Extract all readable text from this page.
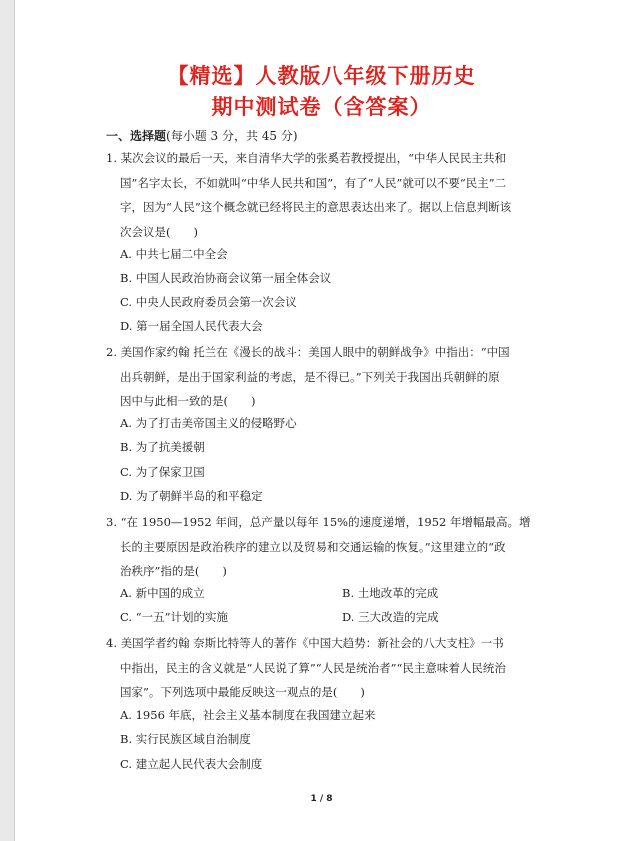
【精选】人教版八年级下册历史
期中测试卷（含答案）
一、选择题(每小题 3 分，共 45 分)
1. 某次会议的最后一天，来自清华大学的张奚若教授提出，“中华人民民主共和
国”名字太长，不如就叫“中华人民共和国”，有了“人民”就可以不要“民主”二
字，因为“人民”这个概念就已经将民主的意思表达出来了。据以上信息判断该
次会议是(　　)
A. 中共七届二中全会
B. 中国人民政治协商会议第一届全体会议
C. 中央人民政府委员会第一次会议
D. 第一届全国人民代表大会
2. 美国作家约翰 托兰在《漫长的战斗：美国人眼中的朝鲜战争》中指出：“中国
出兵朝鲜，是出于国家利益的考虑，是不得已。”下列关于我国出兵朝鲜的原
因中与此相一致的是(　　)
A. 为了打击美帝国主义的侵略野心
B. 为了抗美援朝
C. 为了保家卫国
D. 为了朝鲜半岛的和平稳定
3. “在 1950—1952 年间，总产量以每年 15%的速度递增，1952 年增幅最高。增
长的主要原因是政治秩序的建立以及贸易和交通运输的恢复。”这里建立的“政
治秩序”指的是(　　)
A. 新中国的成立	B. 土地改革的完成
C. “一五”计划的实施	D. 三大改造的完成
4. 美国学者约翰 奈斯比特等人的著作《中国大趋势：新社会的八大支柱》一书
中指出，民主的含义就是“人民说了算”“人民是统治者”“民主意味着人民统治
国家”。下列选项中最能反映这一观点的是(　　)
A. 1956 年底，社会主义基本制度在我国建立起来
B. 实行民族区域自治制度
C. 建立起人民代表大会制度
1 / 8
